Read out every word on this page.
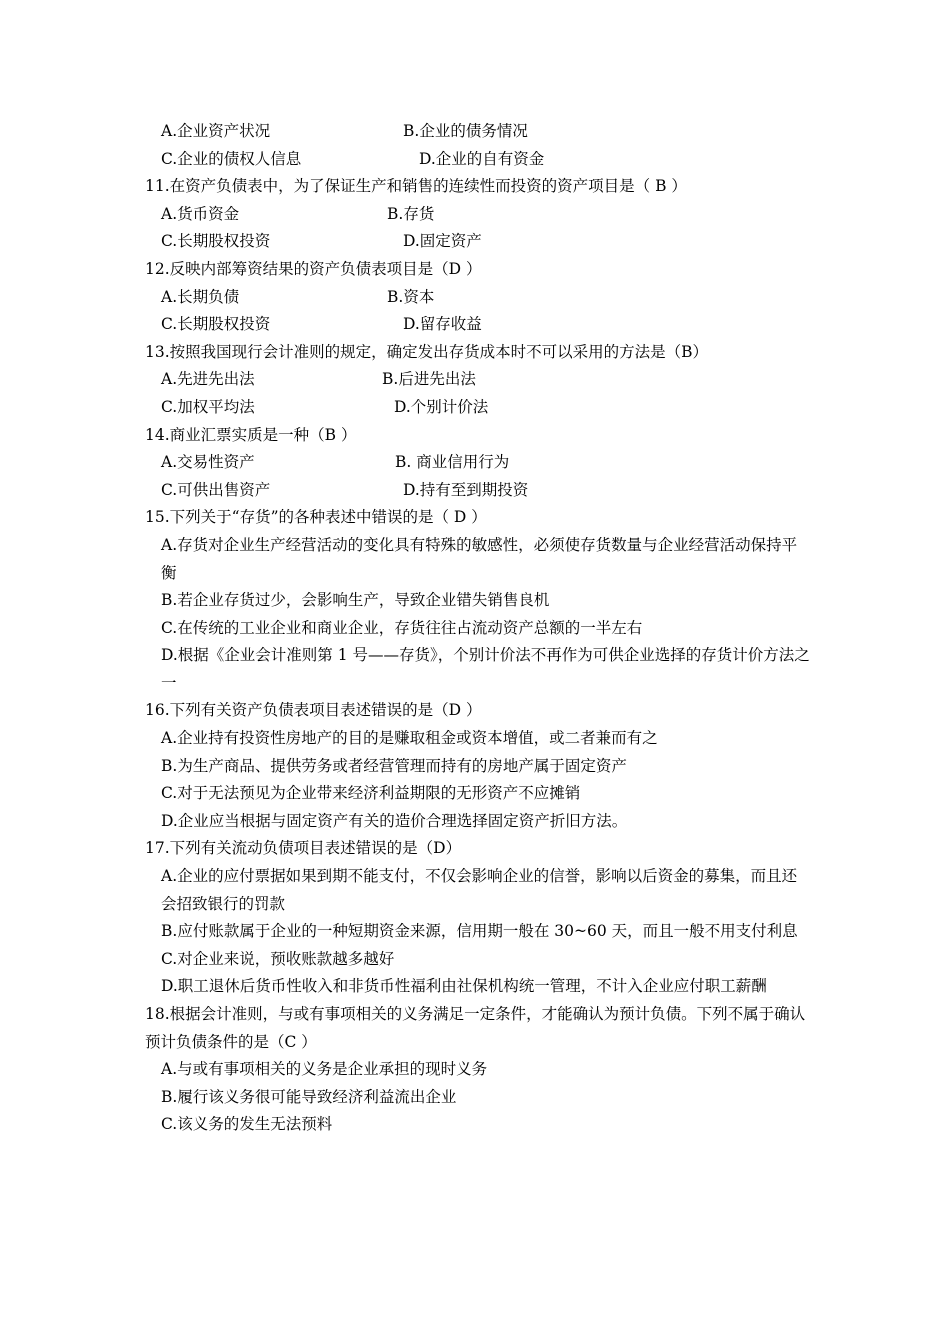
A.企业资产状况	B.企业的债务情况
C.企业的债权人信息	D.企业的自有资金
11.在资产负债表中，为了保证生产和销售的连续性而投资的资产项目是（ B ）
A.货币资金	B.存货
C.长期股权投资	D.固定资产
12.反映内部筹资结果的资产负债表项目是（D ）
A.长期负债	B.资本
C.长期股权投资	D.留存收益
13.按照我国现行会计准则的规定，确定发出存货成本时不可以采用的方法是（B）
A.先进先出法	B.后进先出法
C.加权平均法	D.个别计价法
14.商业汇票实质是一种（B ）
A.交易性资产	B. 商业信用行为
C.可供出售资产	D.持有至到期投资
15.下列关于“存货”的各种表述中错误的是（ D ）
A.存货对企业生产经营活动的变化具有特殊的敏感性，必须使存货数量与企业经营活动保持平衡
B.若企业存货过少，会影响生产，导致企业错失销售良机
C.在传统的工业企业和商业企业，存货往往占流动资产总额的一半左右
D.根据《企业会计准则第 1 号——存货》，个别计价法不再作为可供企业选择的存货计价方法之一
16.下列有关资产负债表项目表述错误的是（D ）
A.企业持有投资性房地产的目的是赚取租金或资本增值，或二者兼而有之
B.为生产商品、提供劳务或者经营管理而持有的房地产属于固定资产
C.对于无法预见为企业带来经济利益期限的无形资产不应摊销
D.企业应当根据与固定资产有关的造价合理选择固定资产折旧方法。
17.下列有关流动负债项目表述错误的是（D）
A.企业的应付票据如果到期不能支付，不仅会影响企业的信誉，影响以后资金的募集，而且还会招致银行的罚款
B.应付账款属于企业的一种短期资金来源，信用期一般在 30~60 天，而且一般不用支付利息
C.对企业来说，预收账款越多越好
D.职工退休后货币性收入和非货币性福利由社保机构统一管理，不计入企业应付职工薪酬
18.根据会计准则，与或有事项相关的义务满足一定条件，才能确认为预计负债。下列不属于确认预计负债条件的是（C ）
A.与或有事项相关的义务是企业承担的现时义务
B.履行该义务很可能导致经济利益流出企业
C.该义务的发生无法预料
